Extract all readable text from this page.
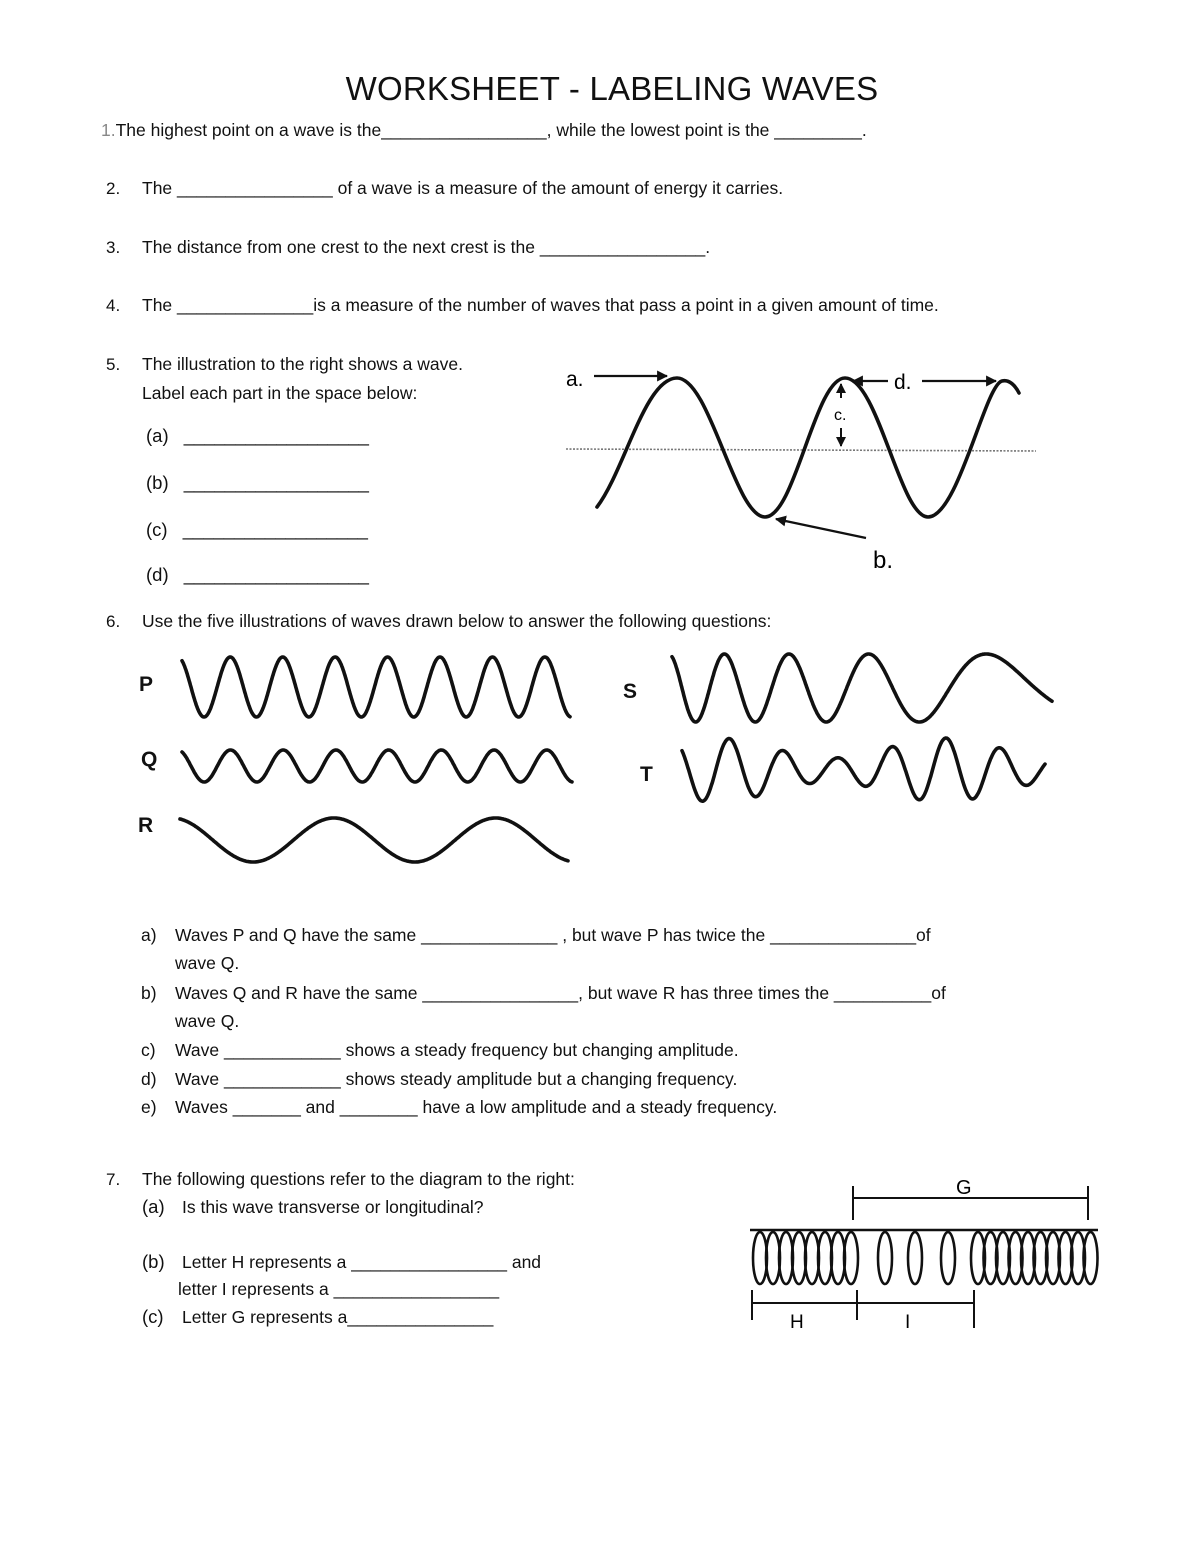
WORKSHEET - LABELING WAVES
1.The highest point on a wave is the_________________, while the lowest point is the _________.
2. The ________________ of a wave is a measure of the amount of energy it carries.
3. The distance from one crest to the next crest is the _________________.
4. The ______________is a measure of the number of waves that pass a point in a given amount of time.
5. The illustration to the right shows a wave.
Label each part in the space below:
(a) __________________
(b) __________________
(c) __________________
(d) __________________
a.	d.
c.
b.
6. Use the five illustrations of waves drawn below to answer the following questions:
P
Q
R
S
T
a) Waves P and Q have the same ______________ , but wave P has twice the _______________of
wave Q.
b) Waves Q and R have the same ________________, but wave R has three times the __________of
wave Q.
c) Wave ____________ shows a steady frequency but changing amplitude.
d) Wave ____________ shows steady amplitude but a changing frequency.
e) Waves _______ and ________ have a low amplitude and a steady frequency.
7. The following questions refer to the diagram to the right:
(a) Is this wave transverse or longitudinal?
(b) Letter H represents a ________________ and
letter I represents a _________________
(c) Letter G represents a_______________
G
H	I
